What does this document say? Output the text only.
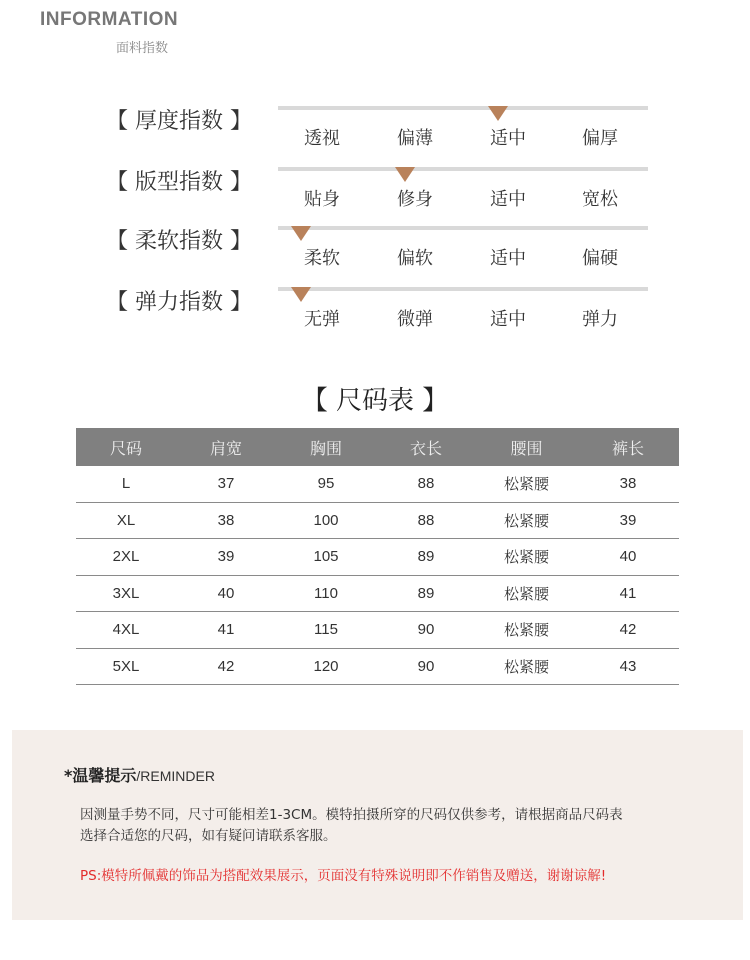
INFORMATION
面料指数
【 厚度指数 】
透视	偏薄	适中	偏厚
【 版型指数 】
贴身	修身	适中	宽松
【 柔软指数 】
柔软	偏软	适中	偏硬
【 弹力指数 】
无弹	微弹	适中	弹力
【 尺码表 】
尺码	肩宽	胸围	衣长	腰围	裤长
L	37	95	88	松紧腰	38
XL	38	100	88	松紧腰	39
2XL	39	105	89	松紧腰	40
3XL	40	110	89	松紧腰	41
4XL	41	115	90	松紧腰	42
5XL	42	120	90	松紧腰	43
*温馨提示/REMINDER
因测量手势不同，尺寸可能相差1-3CM。模特拍摄所穿的尺码仅供参考，请根据商品尺码表
选择合适您的尺码，如有疑问请联系客服。
PS:模特所佩戴的饰品为搭配效果展示，页面没有特殊说明即不作销售及赠送，谢谢谅解!
